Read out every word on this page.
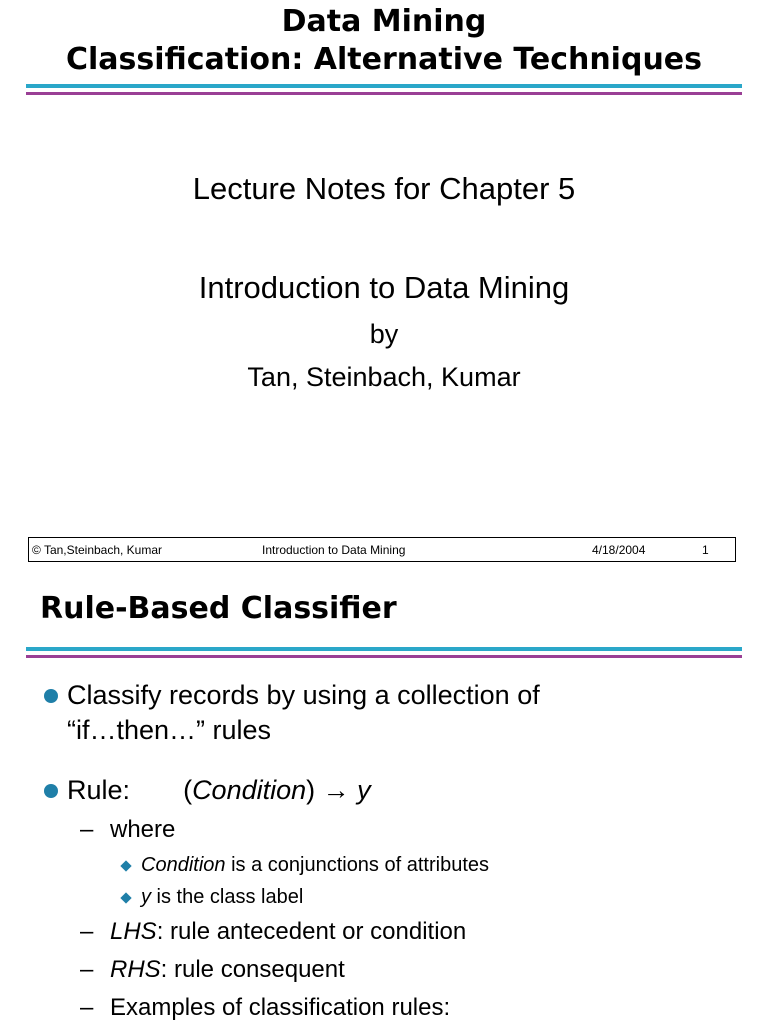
Data Mining
Classification: Alternative Techniques
Lecture Notes for Chapter 5
Introduction to Data Mining
by
Tan, Steinbach, Kumar
© Tan,Steinbach, Kumar	Introduction to Data Mining	4/18/2004	1
Rule-Based Classifier
Classify records by using a collection of
“if…then…” rules
Rule: (Condition) → y
– where
Condition is a conjunctions of attributes
y is the class label
– LHS: rule antecedent or condition
– RHS: rule consequent
– Examples of classification rules:
